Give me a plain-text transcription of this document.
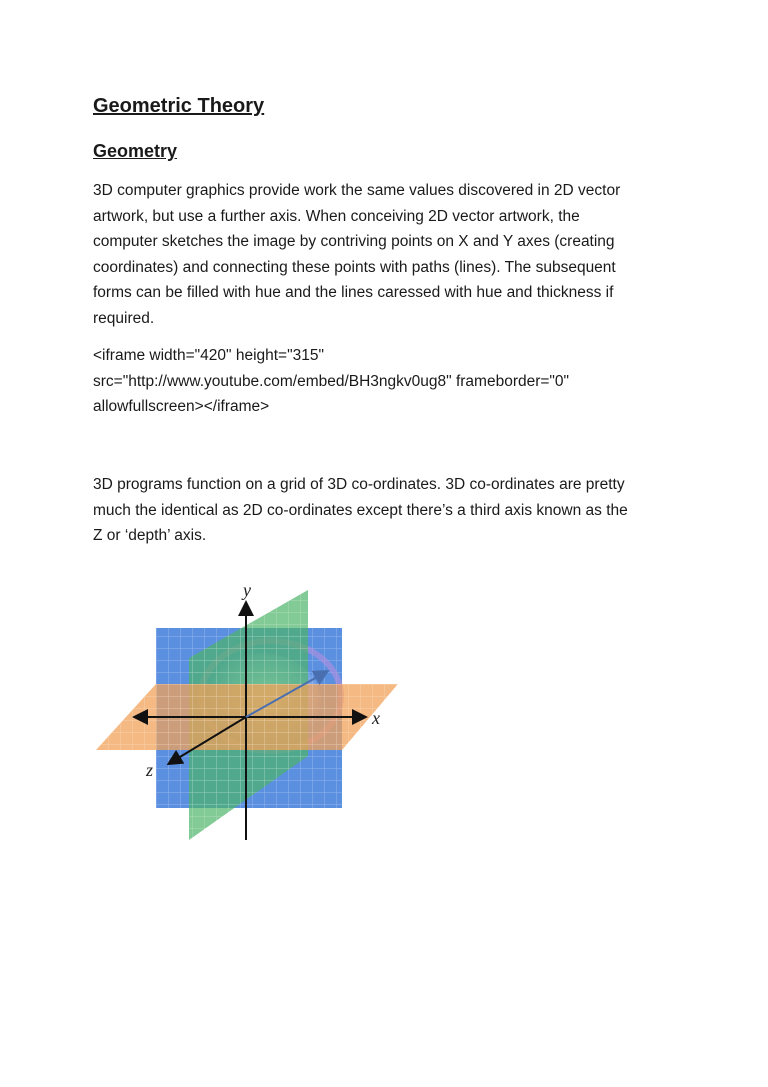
Geometric Theory
Geometry

3D computer graphics provide work the same values discovered in 2D vector
artwork, but use a further axis. When conceiving 2D vector artwork, the
computer sketches the image by contriving points on X and Y axes (creating
coordinates) and connecting these points with paths (lines). The subsequent
forms can be filled with hue and the lines caressed with hue and thickness if
required.

<iframe width="420" height="315"
src="http://www.youtube.com/embed/BH3ngkv0ug8" frameborder="0"
allowfullscreen></iframe>

3D programs function on a grid of 3D co-ordinates. 3D co-ordinates are pretty
much the identical as 2D co-ordinates except there’s a third axis known as the
Z or ‘depth’ axis.

y
x
z
